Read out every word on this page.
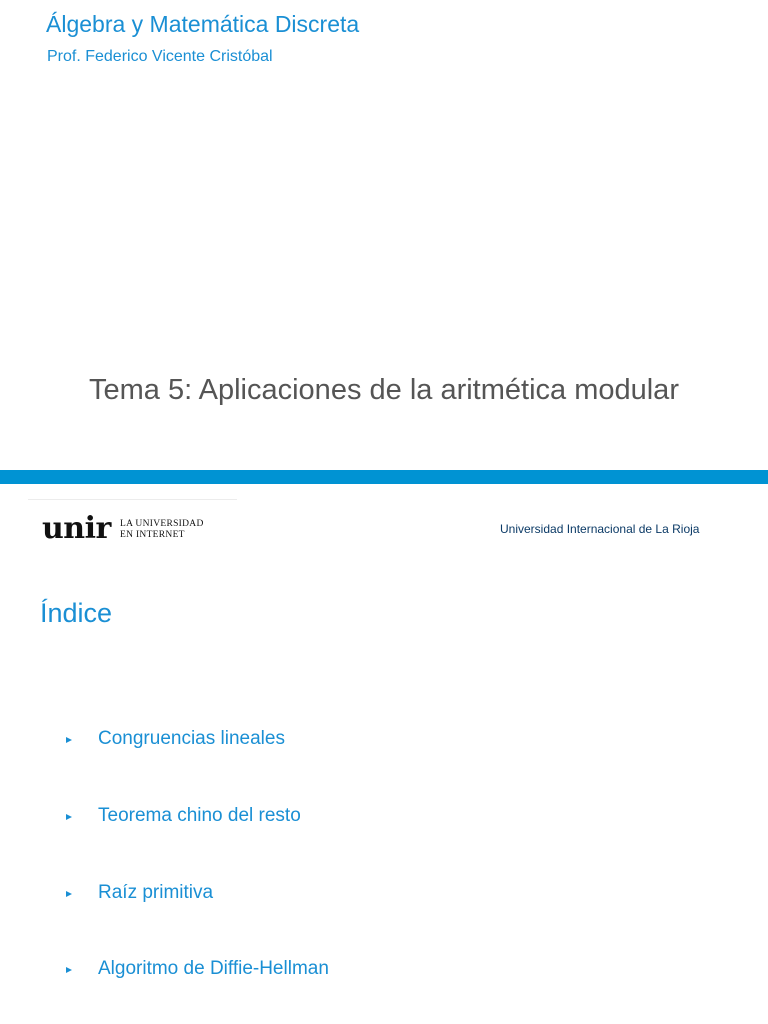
Álgebra y Matemática Discreta
Prof. Federico Vicente Cristóbal
Tema 5: Aplicaciones de la aritmética modular
unir LA UNIVERSIDAD
EN INTERNET	Universidad Internacional de La Rioja
Índice
Congruencias lineales
Teorema chino del resto
Raíz primitiva
Algoritmo de Diffie-Hellman
